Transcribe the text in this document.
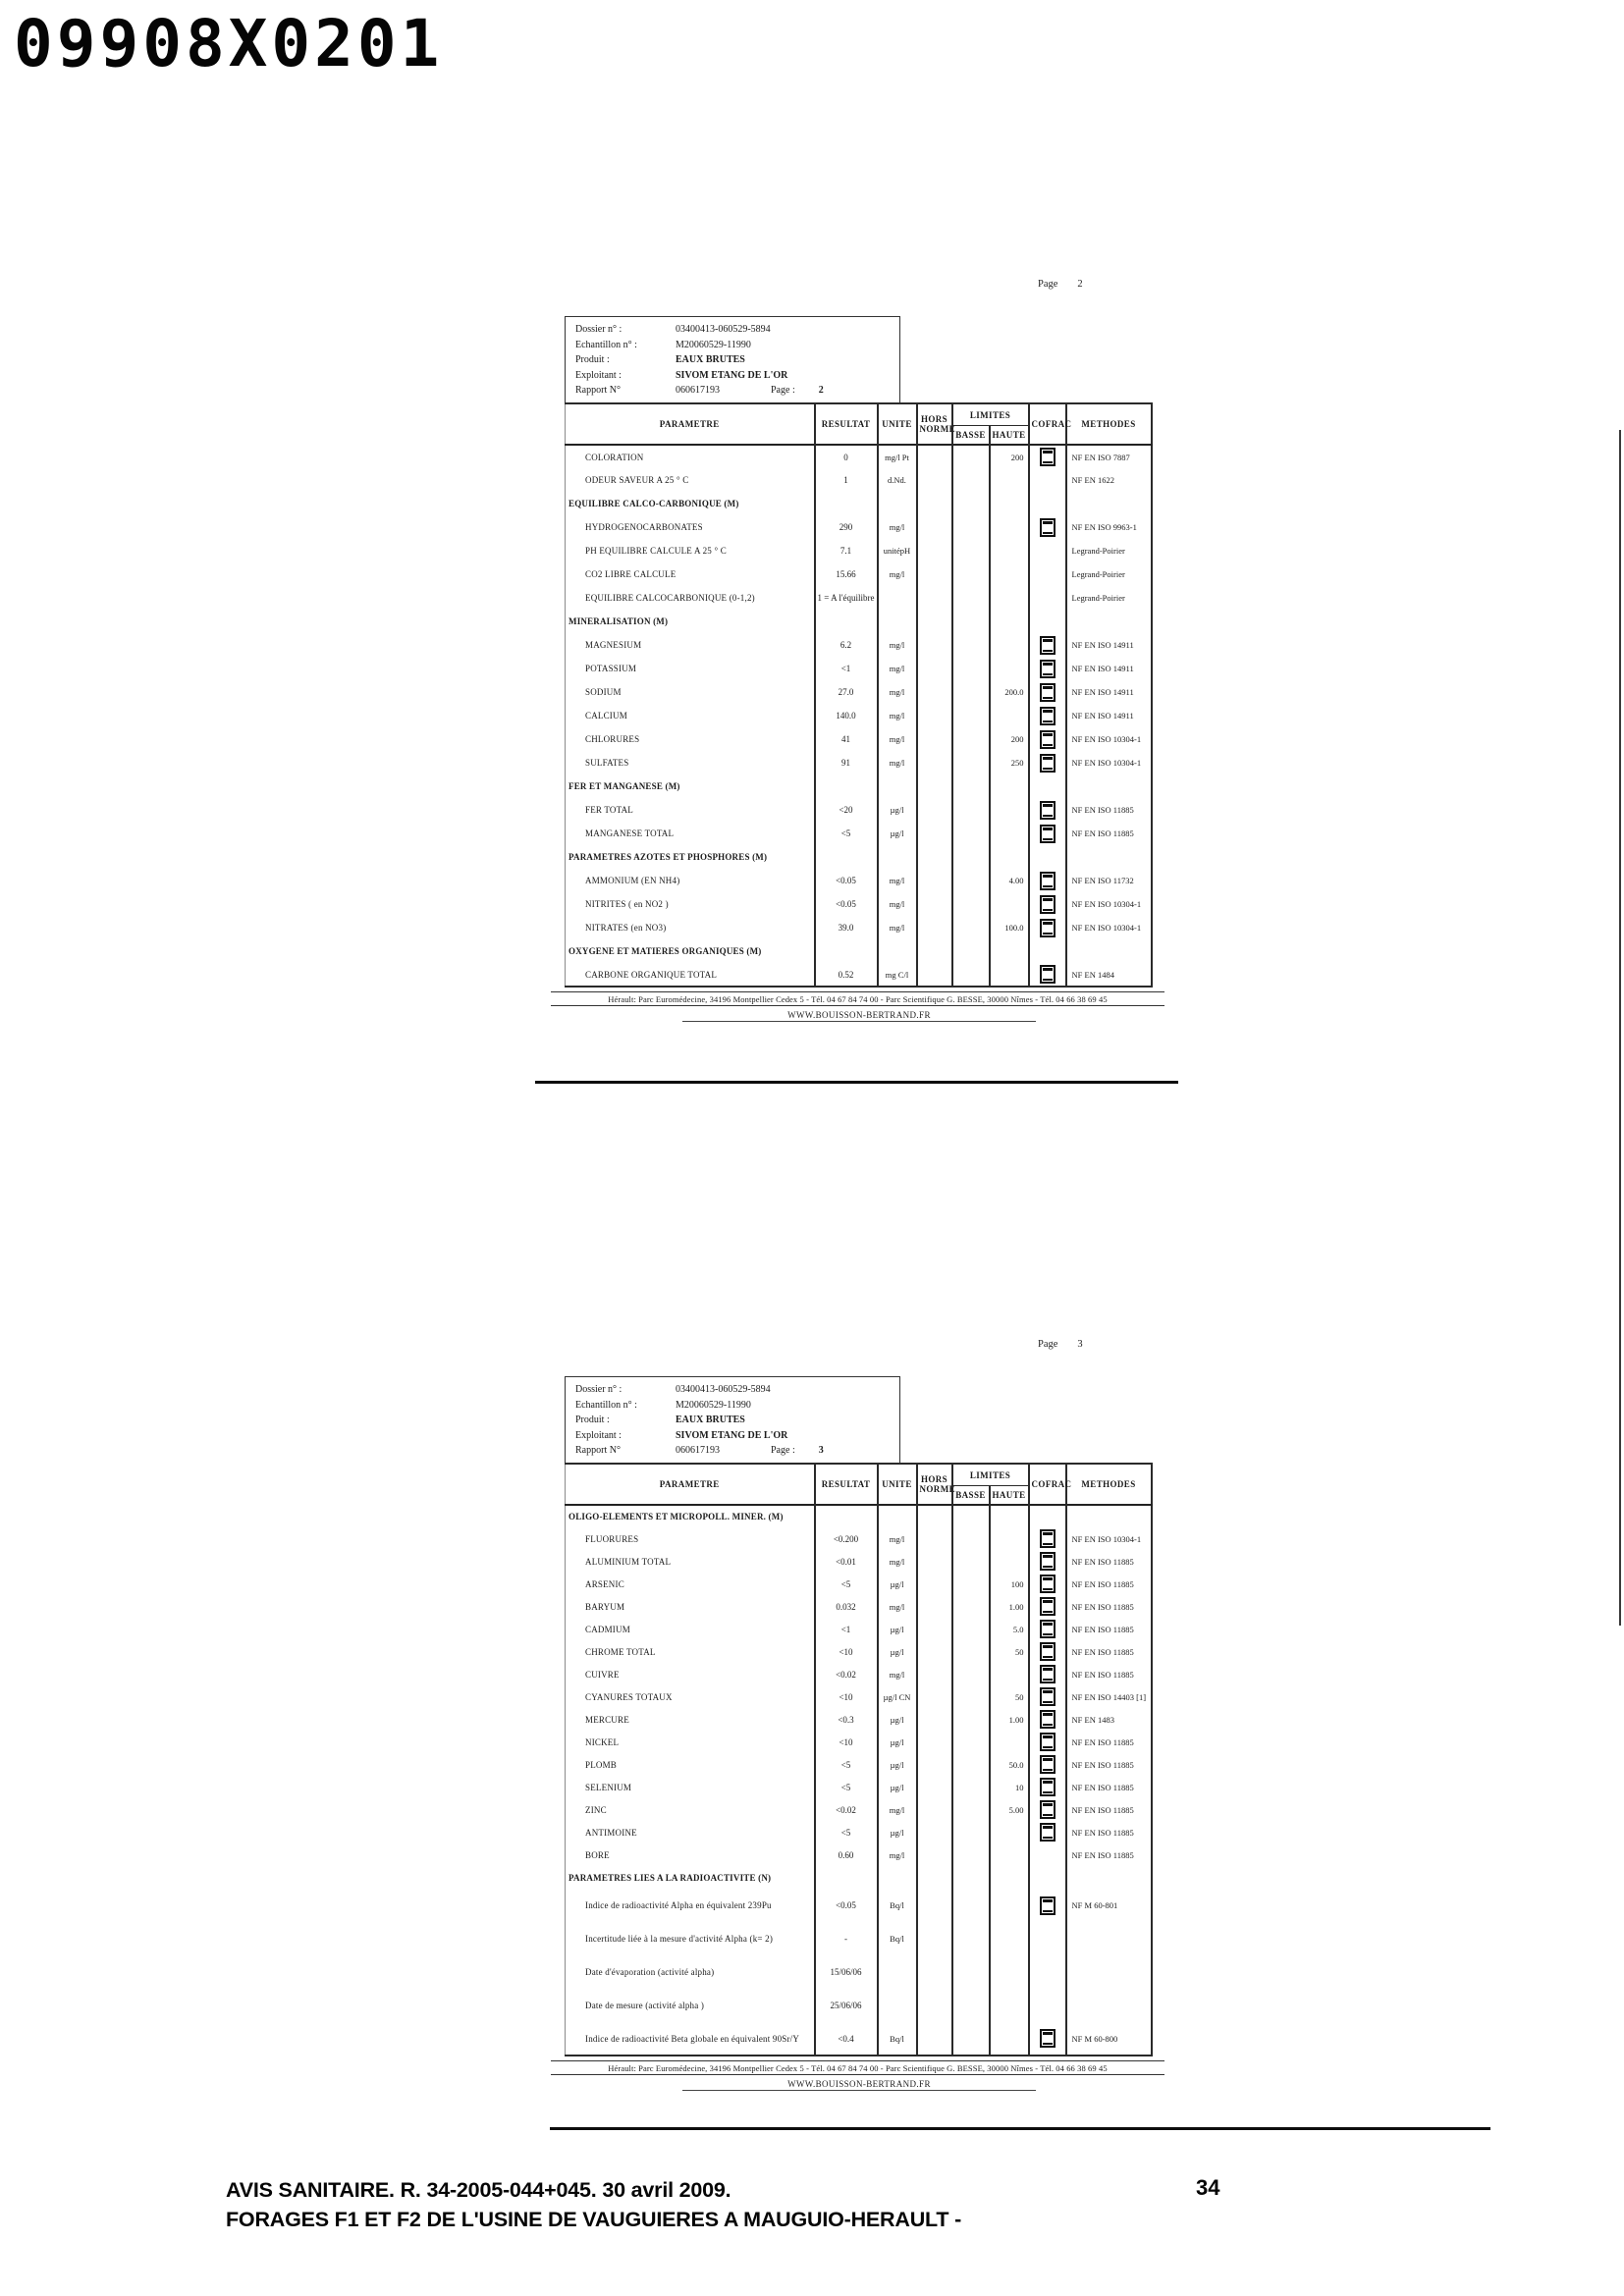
09908X0201
Page 2
Dossier n° :	03400413-060529-5894
Echantillon n° :	M20060529-11990
Produit :	EAUX BRUTES
Exploitant :	SIVOM ETANG DE L'OR
Rapport N°	060617193	Page : 2
PARAMETRE	RESULTAT	UNITE	HORS
NORME	LIMITES		COFRAC	METHODES
				BASSE	HAUTE		
COLORATION	0	mg/l Pt			200		NF EN ISO 7887
ODEUR SAVEUR A 25 ° C	1	d.Nd.					NF EN 1622
EQUILIBRE CALCO-CARBONIQUE (M)							
HYDROGENOCARBONATES	290	mg/l					NF EN ISO 9963-1
PH EQUILIBRE CALCULE A 25 ° C	7.1	unitépH					Legrand-Poirier
CO2 LIBRE CALCULE	15.66	mg/l					Legrand-Poirier
EQUILIBRE CALCOCARBONIQUE (0-1,2)	1 = A l'équilibre						Legrand-Poirier
MINERALISATION (M)							
MAGNESIUM	6.2	mg/l					NF EN ISO 14911
POTASSIUM	<1	mg/l					NF EN ISO 14911
SODIUM	27.0	mg/l			200.0		NF EN ISO 14911
CALCIUM	140.0	mg/l					NF EN ISO 14911
CHLORURES	41	mg/l			200		NF EN ISO 10304-1
SULFATES	91	mg/l			250		NF EN ISO 10304-1
FER ET MANGANESE (M)							
FER TOTAL	<20	µg/l					NF EN ISO 11885
MANGANESE TOTAL	<5	µg/l					NF EN ISO 11885
PARAMETRES AZOTES ET PHOSPHORES (M)							
AMMONIUM (EN NH4)	<0.05	mg/l			4.00		NF EN ISO 11732
NITRITES ( en NO2 )	<0.05	mg/l					NF EN ISO 10304-1
NITRATES (en NO3)	39.0	mg/l			100.0		NF EN ISO 10304-1
OXYGENE ET MATIERES ORGANIQUES (M)							
CARBONE ORGANIQUE TOTAL	0.52	mg C/l					NF EN 1484
Hérault: Parc Euromédecine, 34196 Montpellier Cedex 5 - Tél. 04 67 84 74 00 - Parc Scientifique G. BESSE, 30000 Nîmes - Tél. 04 66 38 69 45
WWW.BOUISSON-BERTRAND.FR
Page 3
Dossier n° :	03400413-060529-5894
Echantillon n° :	M20060529-11990
Produit :	EAUX BRUTES
Exploitant :	SIVOM ETANG DE L'OR
Rapport N°	060617193	Page : 3
PARAMETRE	RESULTAT	UNITE	HORS
NORME	LIMITES		COFRAC	METHODES
				BASSE	HAUTE		
OLIGO-ELEMENTS ET MICROPOLL. MINER. (M)							
FLUORURES	<0.200	mg/l					NF EN ISO 10304-1
ALUMINIUM TOTAL	<0.01	mg/l					NF EN ISO 11885
ARSENIC	<5	µg/l			100		NF EN ISO 11885
BARYUM	0.032	mg/l			1.00		NF EN ISO 11885
CADMIUM	<1	µg/l			5.0		NF EN ISO 11885
CHROME TOTAL	<10	µg/l			50		NF EN ISO 11885
CUIVRE	<0.02	mg/l					NF EN ISO 11885
CYANURES TOTAUX	<10	µg/l CN			50		NF EN ISO 14403 [1]
MERCURE	<0.3	µg/l			1.00		NF EN 1483
NICKEL	<10	µg/l					NF EN ISO 11885
PLOMB	<5	µg/l			50.0		NF EN ISO 11885
SELENIUM	<5	µg/l			10		NF EN ISO 11885
ZINC	<0.02	mg/l			5.00		NF EN ISO 11885
ANTIMOINE	<5	µg/l					NF EN ISO 11885
BORE	0.60	mg/l					NF EN ISO 11885
PARAMETRES LIES A LA RADIOACTIVITE (N)							
Indice de radioactivité Alpha en équivalent 239Pu	<0.05	Bq/l					NF M 60-801
Incertitude liée à la mesure d'activité Alpha (k= 2)	-	Bq/l					
Date d'évaporation (activité alpha)	15/06/06						
Date de mesure (activité alpha )	25/06/06						
Indice de radioactivité Beta globale en équivalent 90Sr/Y	<0.4	Bq/l					NF M 60-800
Hérault: Parc Euromédecine, 34196 Montpellier Cedex 5 - Tél. 04 67 84 74 00 - Parc Scientifique G. BESSE, 30000 Nîmes - Tél. 04 66 38 69 45
WWW.BOUISSON-BERTRAND.FR
AVIS SANITAIRE. R. 34-2005-044+045. 30 avril 2009.
FORAGES F1 ET F2 DE L'USINE DE VAUGUIERES A MAUGUIO-HERAULT -
34
